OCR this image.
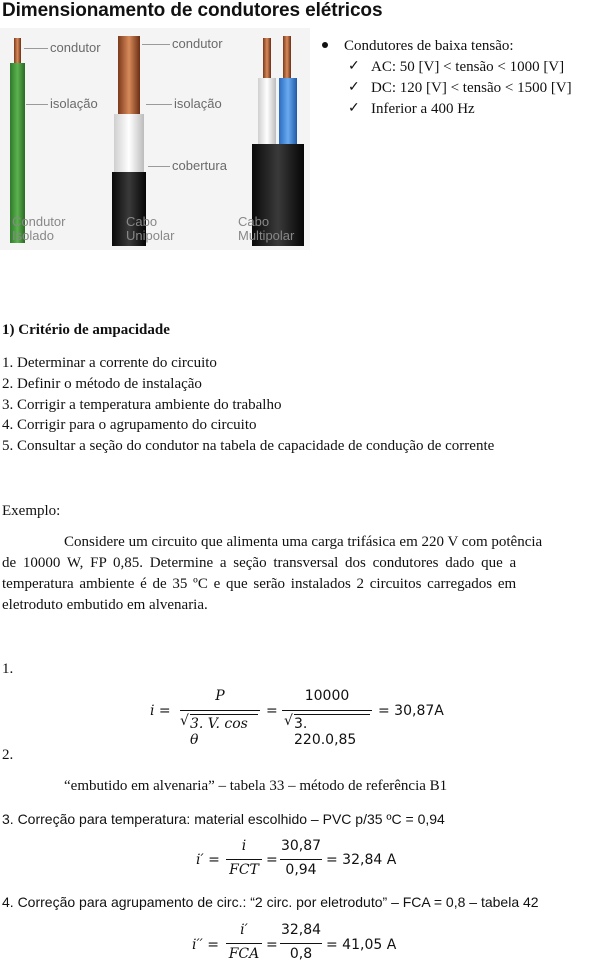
Dimensionamento de condutores elétricos
condutor
isolação
condutor
isolação
cobertura
Condutor
Isolado
Cabo
Unipolar
Cabo
Multipolar
Condutores de baixa tensão:
✓ AC: 50 [V] < tensão < 1000 [V]
✓ DC: 120 [V] < tensão < 1500 [V]
✓ Inferior a 400 Hz
1) Critério de ampacidade
1. Determinar a corrente do circuito
2. Definir o método de instalação
3. Corrigir a temperatura ambiente do trabalho
4. Corrigir para o agrupamento do circuito
5. Consultar a seção do condutor na tabela de capacidade de condução de corrente
Exemplo:
Considere um circuito que alimenta uma carga trifásica em 220 V com potência
de 10000 W, FP 0,85. Determine a seção transversal dos condutores dado que a
temperatura ambiente é de 35 ºC e que serão instalados 2 circuitos carregados em
eletroduto embutido em alvenaria.
1.
i =
P
√ 3. V. cos θ
=
10000
√ 3. 220.0,85
= 30,87A
2.
“embutido em alvenaria” – tabela 33 – método de referência B1
3. Correção para temperatura: material escolhido – PVC p/35 ºC = 0,94
i′ =
i
FCT
=
30,87
0,94
= 32,84 A
4. Correção para agrupamento de circ.: “2 circ. por eletroduto” – FCA = 0,8 – tabela 42
i′′ =
i′
FCA
=
32,84
0,8
= 41,05 A
